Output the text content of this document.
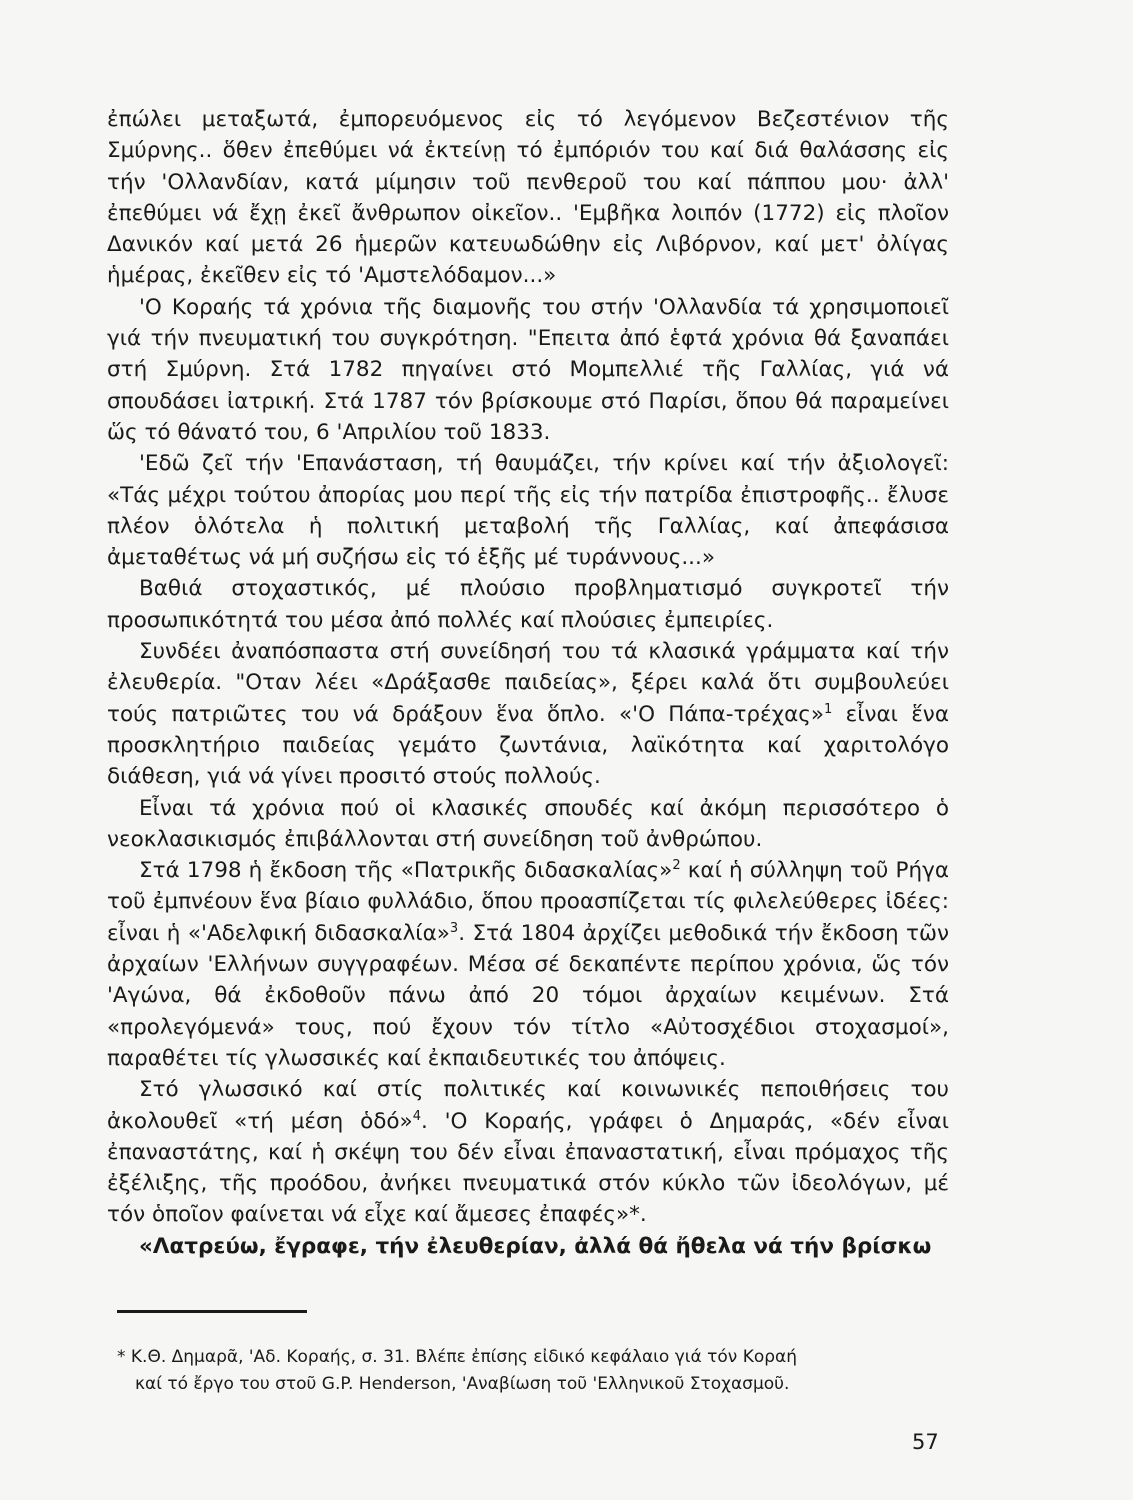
ἐπώλει μεταξωτά, ἐμπορευόμενος εἰς τό λεγόμενον Βεζεστένιον τῆς Σμύρνης.. ὅθεν ἐπεθύμει νά ἐκτείνῃ τό ἐμπόριόν του καί διά θαλάσσης εἰς τήν 'Ολλανδίαν, κατά μίμησιν τοῦ πενθεροῦ του καί πάππου μου· ἀλλ' ἐπεθύμει νά ἔχῃ ἐκεῖ ἄνθρωπον οἰκεῖον.. 'Εμβῆκα λοιπόν (1772) εἰς πλοῖον Δανικόν καί μετά 26 ἡμερῶν κατευωδώθην εἰς Λιβόρνον, καί μετ' ὀλίγας ἡμέρας, ἐκεῖθεν εἰς τό 'Αμστελόδαμον...»

'Ο Κοραής τά χρόνια τῆς διαμονῆς του στήν 'Ολλανδία τά χρησιμοποιεῖ γιά τήν πνευματική του συγκρότηση. "Επειτα ἀπό ἑφτά χρόνια θά ξαναπάει στή Σμύρνη. Στά 1782 πηγαίνει στό Μομπελλιέ τῆς Γαλλίας, γιά νά σπουδάσει ἰατρική. Στά 1787 τόν βρίσκουμε στό Παρίσι, ὅπου θά παραμείνει ὥς τό θάνατό του, 6 'Απριλίου τοῦ 1833.

'Εδῶ ζεῖ τήν 'Επανάσταση, τή θαυμάζει, τήν κρίνει καί τήν ἀξιολογεῖ: «Τάς μέχρι τούτου ἀπορίας μου περί τῆς εἰς τήν πατρίδα ἐπιστροφῆς.. ἔλυσε πλέον ὁλότελα ἡ πολιτική μεταβολή τῆς Γαλλίας, καί ἀπεφάσισα ἀμεταθέτως νά μή συζήσω εἰς τό ἑξῆς μέ τυράννους...»

Βαθιά στοχαστικός, μέ πλούσιο προβληματισμό συγκροτεῖ τήν προσωπικότητά του μέσα ἀπό πολλές καί πλούσιες ἐμπειρίες.

Συνδέει ἀναπόσπαστα στή συνείδησή του τά κλασικά γράμματα καί τήν ἐλευθερία. "Οταν λέει «Δράξασθε παιδείας», ξέρει καλά ὅτι συμβουλεύει τούς πατριῶτες του νά δράξουν ἕνα ὅπλο. «'Ο Πάπα-τρέχας»$^1$ εἶναι ἕνα προσκλητήριο παιδείας γεμάτο ζωντάνια, λαϊκότητα καί χαριτολόγο διάθεση, γιά νά γίνει προσιτό στούς πολλούς.

Εἶναι τά χρόνια πού οἱ κλασικές σπουδές καί ἀκόμη περισσότερο ὁ νεοκλασικισμός ἐπιβάλλονται στή συνείδηση τοῦ ἀνθρώπου.

Στά 1798 ἡ ἔκδοση τῆς «Πατρικῆς διδασκαλίας»$^2$ καί ἡ σύλληψη τοῦ Ρήγα τοῦ ἐμπνέουν ἕνα βίαιο φυλλάδιο, ὅπου προασπίζεται τίς φιλελεύθερες ἰδέες: εἶναι ἡ «'Αδελφική διδασκαλία»$^3$. Στά 1804 ἀρχίζει μεθοδικά τήν ἔκδοση τῶν ἀρχαίων 'Ελλήνων συγγραφέων. Μέσα σέ δεκαπέντε περίπου χρόνια, ὥς τόν 'Αγώνα, θά ἐκδοθοῦν πάνω ἀπό 20 τόμοι ἀρχαίων κειμένων. Στά «προλεγόμενά» τους, πού ἔχουν τόν τίτλο «Αὐτοσχέδιοι στοχασμοί», παραθέτει τίς γλωσσικές καί ἐκπαιδευτικές του ἀπόψεις.

Στό γλωσσικό καί στίς πολιτικές καί κοινωνικές πεποιθήσεις του ἀκολουθεῖ «τή μέση ὁδό»$^4$. 'Ο Κοραής, γράφει ὁ Δημαράς, «δέν εἶναι ἐπαναστάτης, καί ἡ σκέψη του δέν εἶναι ἐπαναστατική, εἶναι πρόμαχος τῆς ἐξέλιξης, τῆς προόδου, ἀνήκει πνευματικά στόν κύκλο τῶν ἰδεολόγων, μέ τόν ὁποῖον φαίνεται νά εἶχε καί ἄμεσες ἐπαφές»*.

«Λατρεύω, ἔγραφε, τήν ἐλευθερίαν, ἀλλά θά ἤθελα νά τήν βρίσκω

* Κ.Θ. Δημαρᾶ, 'Αδ. Κοραής, σ. 31. Βλέπε ἐπίσης εἰδικό κεφάλαιο γιά τόν Κοραή

καί τό ἔργο του στοῦ G.P. Henderson, 'Αναβίωση τοῦ 'Ελληνικοῦ Στοχασμοῦ.

57
